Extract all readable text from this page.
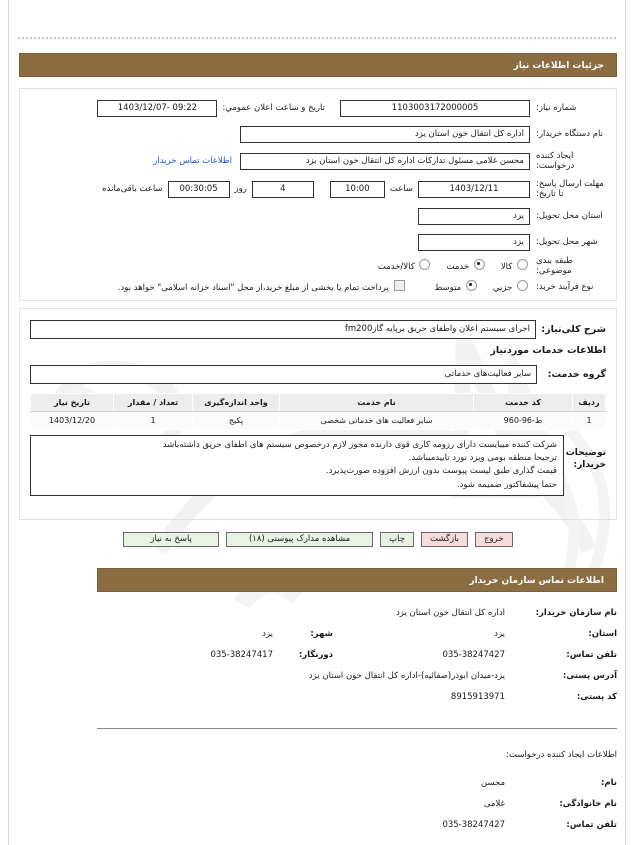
جزئیات اطلاعات نیاز
شماره نیاز:
1103003172000005
تاریخ و ساعت اعلان عمومي:
09:22 -1403/12/07
نام دستگاه خریدار:
اداره کل انتقال خون استان یزد
ایجاد کننده درخواست:
محسن غلامی مسئول تدارکات اداره کل انتقال خون استان یزد
اطلاعات تماس خریدار
مهلت ارسال پاسخ: تا تاریخ:
1403/12/11
ساعت
10:00
4
روز
00:30:05
ساعت باقی‌مانده
استان محل تحویل:
یزد
شهر محل تحویل:
یزد
طبقه بندی موضوعی:
کالا
خدمت
کالا/خدمت
نوع فرآیند خرید:
جزیي
متوسط
پرداخت تمام یا بخشی از مبلغ خرید،از محل "اسناد خزانه اسلامی" خواهد بود.
شرح کلی‌نیاز:
اجرای سیستم اعلان واطفای حریق برپایه گازfm200
اطلاعات خدمات موردنیاز
گروه خدمت:
سایر فعالیت‌های خدماتی
ردیف	کد خدمت	نام خدمت	واحد اندازه‌گیری	تعداد / مقدار	تاریخ نیاز
1	ط-96-960	سایر فعالیت های خدماتی شخصی	پکیج	1	1403/12/20
توضیحات
خریدار:
شرکت کننده میبایست دارای رزومه کاری قوی دارنده مجوز لازم درخصوص سیستم های اطفای حریق داشته‌باشد
ترجیحا منطقه بومی ویزد نورد تاییدمیباشد.
قیمت گذاری طبق لیست پیوست بدون ارزش افزوده صورت‌پذیرد.
حتما پیشفاکتور ضمیمه شود.
خروج
بازگشت
چاپ
مشاهده مدارک پیوستی (۱۸)
پاسخ به نیاز
اطلاعات تماس سازمان خریدار
نام سازمان خریدار:
اداره کل انتقال خون استان یزد
استان:
یزد
شهر:
یزد
تلفن تماس:
035-38247427
دورنگار:
035-38247417
آدرس پستی:
یزد-میدان ابوذر(صفائیه)-اداره کل انتقال خون استان یزد
کد پستی:
8915913971
اطلاعات ایجاد کننده درخواست:
نام:
محسن
نام خانوادگی:
غلامی
تلفن تماس:
035-38247427
